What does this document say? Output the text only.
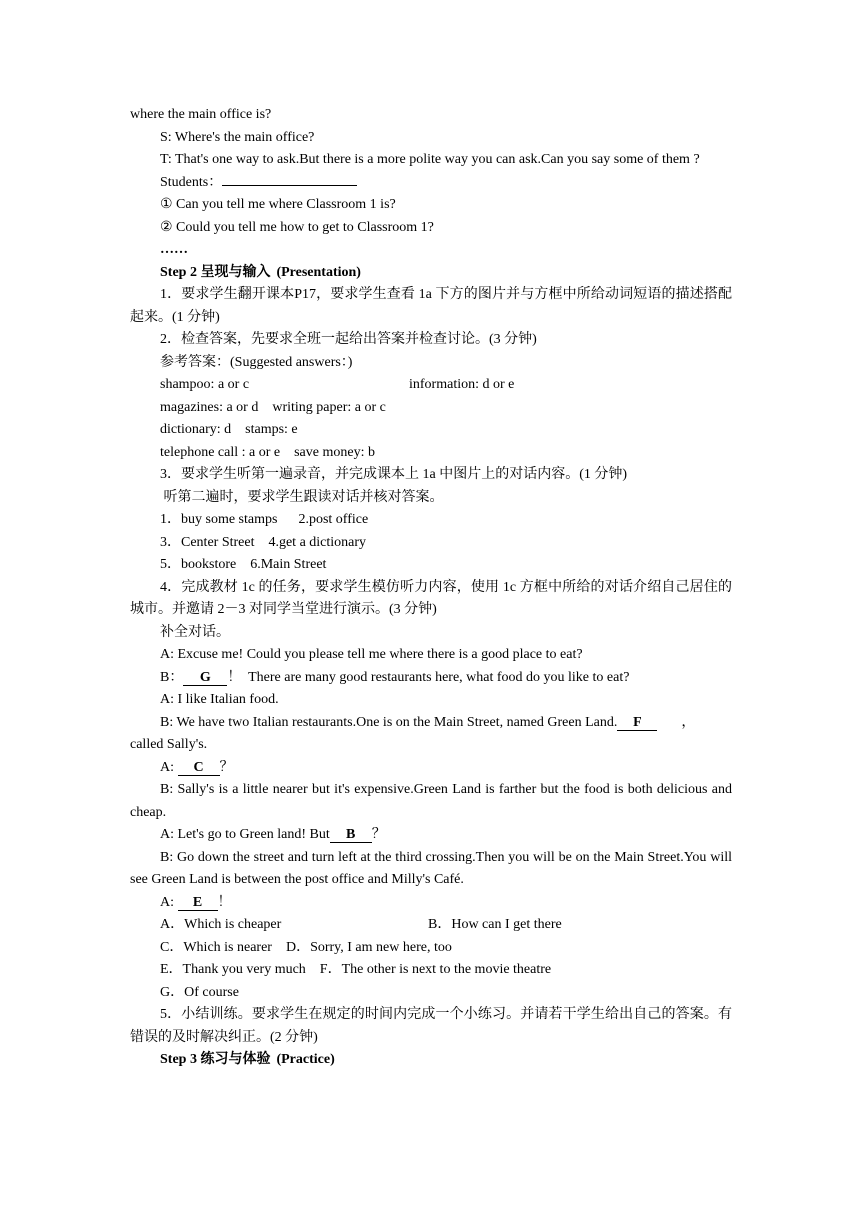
where the main office is?

S: Where's the main office?

T: That's one way to ask.But there is a more polite way you can ask.Can you say some of them ?

Students：

① Can you tell me where Classroom 1 is?

② Could you tell me how to get to Classroom 1?

……

Step 2 呈现与输入 (Presentation)

1．要求学生翻开课本P17，要求学生查看 1a 下方的图片并与方框中所给动词短语的描述搭配起来。(1 分钟)

2．检查答案，先要求全班一起给出答案并检查讨论。(3 分钟)

参考答案：(Suggested answers：)

shampoo: a or c	information: d or e

magazines: a or d    writing paper: a or c

dictionary: d    stamps: e

telephone call : a or e    save money: b

3．要求学生听第一遍录音，并完成课本上 1a 中图片上的对话内容。(1 分钟)

听第二遍时，要求学生跟读对话并核对答案。

1．buy some stamps      2.post office

3．Center Street    4.get a dictionary

5．bookstore    6.Main Street

4．完成教材 1c 的任务，要求学生模仿听力内容，使用 1c 方框中所给的对话介绍自己居住的城市。并邀请 2－3 对同学当堂进行演示。(3 分钟)

补全对话。

A: Excuse me! Could you please tell me where there is a good place to eat?

B： G ！  There are many good restaurants here, what food do you like to eat?

A: I like Italian food.

B: We have two Italian restaurants.One is on the Main Street, named Green Land. F	，

called Sally's.

A: C ？

B: Sally's is a little nearer but it's expensive.Green Land is farther but the food is both delicious and cheap.

A: Let's go to Green land! But B ？

B: Go down the street and turn left at the third crossing.Then you will be on the Main Street.You will see Green Land is between the post office and Milly's Café.

A: E ！

A．Which is cheaper	B．How can I get there

C．Which is nearer    D．Sorry, I am new here, too

E．Thank you very much    F．The other is next to the movie theatre

G．Of course

5．小结训练。要求学生在规定的时间内完成一个小练习。并请若干学生给出自己的答案。有错误的及时解决纠正。(2 分钟)

Step 3 练习与体验 (Practice)
